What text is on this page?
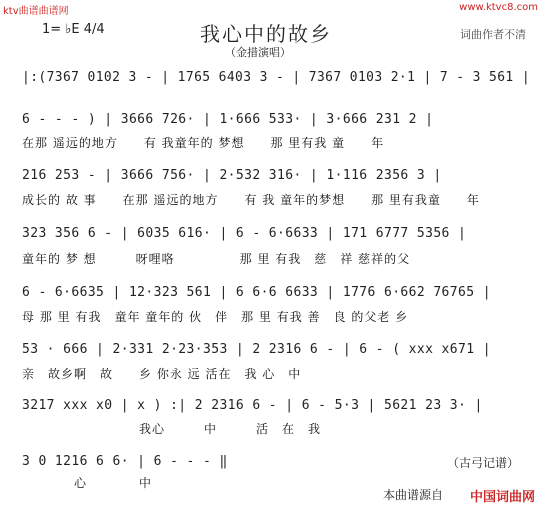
ktv曲谱曲谱网	www.ktvc8.com
1= ♭E 4/4	我心中的故乡	词曲作者不清
（金措演唱）
|:(7367 0102 3 - | 1765 6403 3 - | 7367 0103 2·1 | 7 - 3 561 |
6 - - - ) | 3666 726· | 1·666 533· | 3·666 231 2 |
在那 遥远的地方　　有 我童年的 梦想　　那 里有我 童　　年
216 253 - | 3666 756· | 2·532 316· | 1·116 2356 3 |
成长的 故 事　　在那 遥远的地方　　有 我 童年的梦想　　那 里有我童　　年
323 356 6 - | 6035 616· | 6 - 6·6633 | 171 6777 5356 |
童年的 梦 想　　　呀哩咯　　　　　那 里 有我　慈　祥 慈祥的父
6 - 6·6635 | 12·323 561 | 6 6·6 6633 | 1776 6·662 76765 |
母 那 里 有我　童年 童年的 伙　伴　那 里 有我 善　良 的父老 乡
53 · 666 | 2·331 2·23·353 | 2 2316 6 - | 6 - ( xxx x671 |
亲　故乡啊　故　　乡 你永 远 活在　我 心　中
3217 xxx x0 | x ) :| 2 2316 6 - | 6 - 5·3 | 5621 23 3· |
　　　　　　　　　我心　　　中　　　活　在　我
3 0 1216 6 6· | 6 - - - ‖
　　　　心　　　　中
（古弓记谱）
本曲谱源自 中国词曲网
